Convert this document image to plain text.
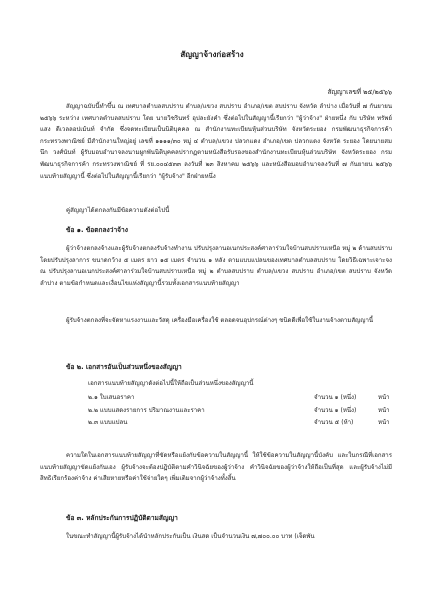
สัญญาจ้างก่อสร้าง
สัญญาเลขที่ ๒๕/๒๕๖๖
สัญญาฉบับนี้ทำขึ้น ณ เทศบาลตำบลสบปราบ ตำบล/แขวง สบปราบ อำเภอ/เขต สบปราบ จังหวัด ลำปาง เมื่อวันที่ ๗ กันยายน ๒๕๖๖ ระหว่าง เทศบาลตำบลสบปราบ โดย นายวิชรินทร์ อุปละยังคำ ซึ่งต่อไปในสัญญานี้เรียกว่า "ผู้ว่าจ้าง" ฝ่ายหนึ่ง กับ บริษัท ทรัพย์แสง ดีเวลลอปเม้นท์ จำกัด ซึ่งจดทะเบียนเป็นนิติบุคคล ณ สำนักงานทะเบียนหุ้นส่วนบริษัท จังหวัดระยอง กรมพัฒนาธุรกิจการค้า กระทรวงพาณิชย์ มีสำนักงานใหญ่อยู่ เลขที่ ๑๑๑๑/๓๐ หมู่ ๔ ตำบล/แขวง ปลวกแดง อำเภอ/เขต ปลวกแดง จังหวัด ระยอง โดยนายสมนึก วงศ์นันท์ ผู้รับมอบอำนาจลงนามผูกพันนิติบุคคลปรากฏตามหนังสือรับรองของสำนักงานทะเบียนหุ้นส่วนบริษัท จังหวัดระยอง กรมพัฒนาธุรกิจการค้า กระทรวงพาณิชย์ ที่ รย.๐๐๔๕๓๓ ลงวันที่ ๒๓ สิงหาคม ๒๕๖๖ และหนังสือมอบอำนาจลงวันที่ ๗ กันยายน ๒๕๖๖ แนบท้ายสัญญานี้ ซึ่งต่อไปในสัญญานี้เรียกว่า "ผู้รับจ้าง" อีกฝ่ายหนึ่ง
คู่สัญญาได้ตกลงกันมีข้อความดังต่อไปนี้
ข้อ ๑. ข้อตกลงว่าจ้าง
ผู้ว่าจ้างตกลงจ้างและผู้รับจ้างตกลงรับจ้างทำงาน ปรับปรุงลานอเนกประสงค์ศาลาร่วมใจบ้านสบปราบเหนือ หมู่ ๒ ด้านสบปราบ โดยปรับปรุงลาการ ขนาดกว้าง ๕ เมตร ยาว ๑๕ เมตร จำนวน ๑ หลัง ตามแบบแปลนของเทศบาลตำบลสบปราบ โดยวิธีเฉพาะเจาะจง ณ ปรับปรุงลานอเนกประสงค์ศาลาร่วมใจบ้านสบปราบเหนือ หมู่ ๒ ตำบลสบปราบ ตำบล/แขวง สบปราบ อำเภอ/เขต สบปราบ จังหวัด ลำปาง ตามข้อกำหนดและเงื่อนไขแห่งสัญญานี้รวมทั้งเอกสารแนบท้ายสัญญา
ผู้รับจ้างตกลงที่จะจัดหาแรงงานและวัสดุ เครื่องมือเครื่องใช้ ตลอดจนอุปกรณ์ต่างๆ ชนิดดีเพื่อใช้ในงานจ้างตามสัญญานี้
ข้อ ๒. เอกสารอันเป็นส่วนหนึ่งของสัญญา
เอกสารแนบท้ายสัญญาดังต่อไปนี้ให้ถือเป็นส่วนหนึ่งของสัญญานี้
๒.๑ ใบเสนอราคา	จำนวน ๑ (หนึ่ง)	หน้า
๒.๒ แบบแสดงรายการ ปริมาณงานและราคา	จำนวน ๑ (หนึ่ง)	หน้า
๒.๓ แบบแปลน	จำนวน ๕ (ห้า)	หน้า
ความใดในเอกสารแนบท้ายสัญญาที่ขัดหรือแย้งกับข้อความในสัญญานี้ ให้ใช้ข้อความในสัญญานี้บังคับ และในกรณีที่เอกสารแนบท้ายสัญญาขัดแย้งกันเอง ผู้รับจ้างจะต้องปฏิบัติตามคำวินิจฉัยของผู้ว่าจ้าง คำวินิจฉัยของผู้ว่าจ้างให้ถือเป็นที่สุด และผู้รับจ้างไม่มีสิทธิเรียกร้องค่าจ้าง ค่าเสียหายหรือค่าใช้จ่ายใดๆ เพิ่มเติมจากผู้ว่าจ้างทั้งสิ้น
ข้อ ๓. หลักประกันการปฏิบัติตามสัญญา
ในขณะทำสัญญานี้ผู้รับจ้างได้นำหลักประกันเป็น เงินสด เป็นจำนวนเงิน ๗,๗๐๐.๐๐ บาท (เจ็ดพัน
